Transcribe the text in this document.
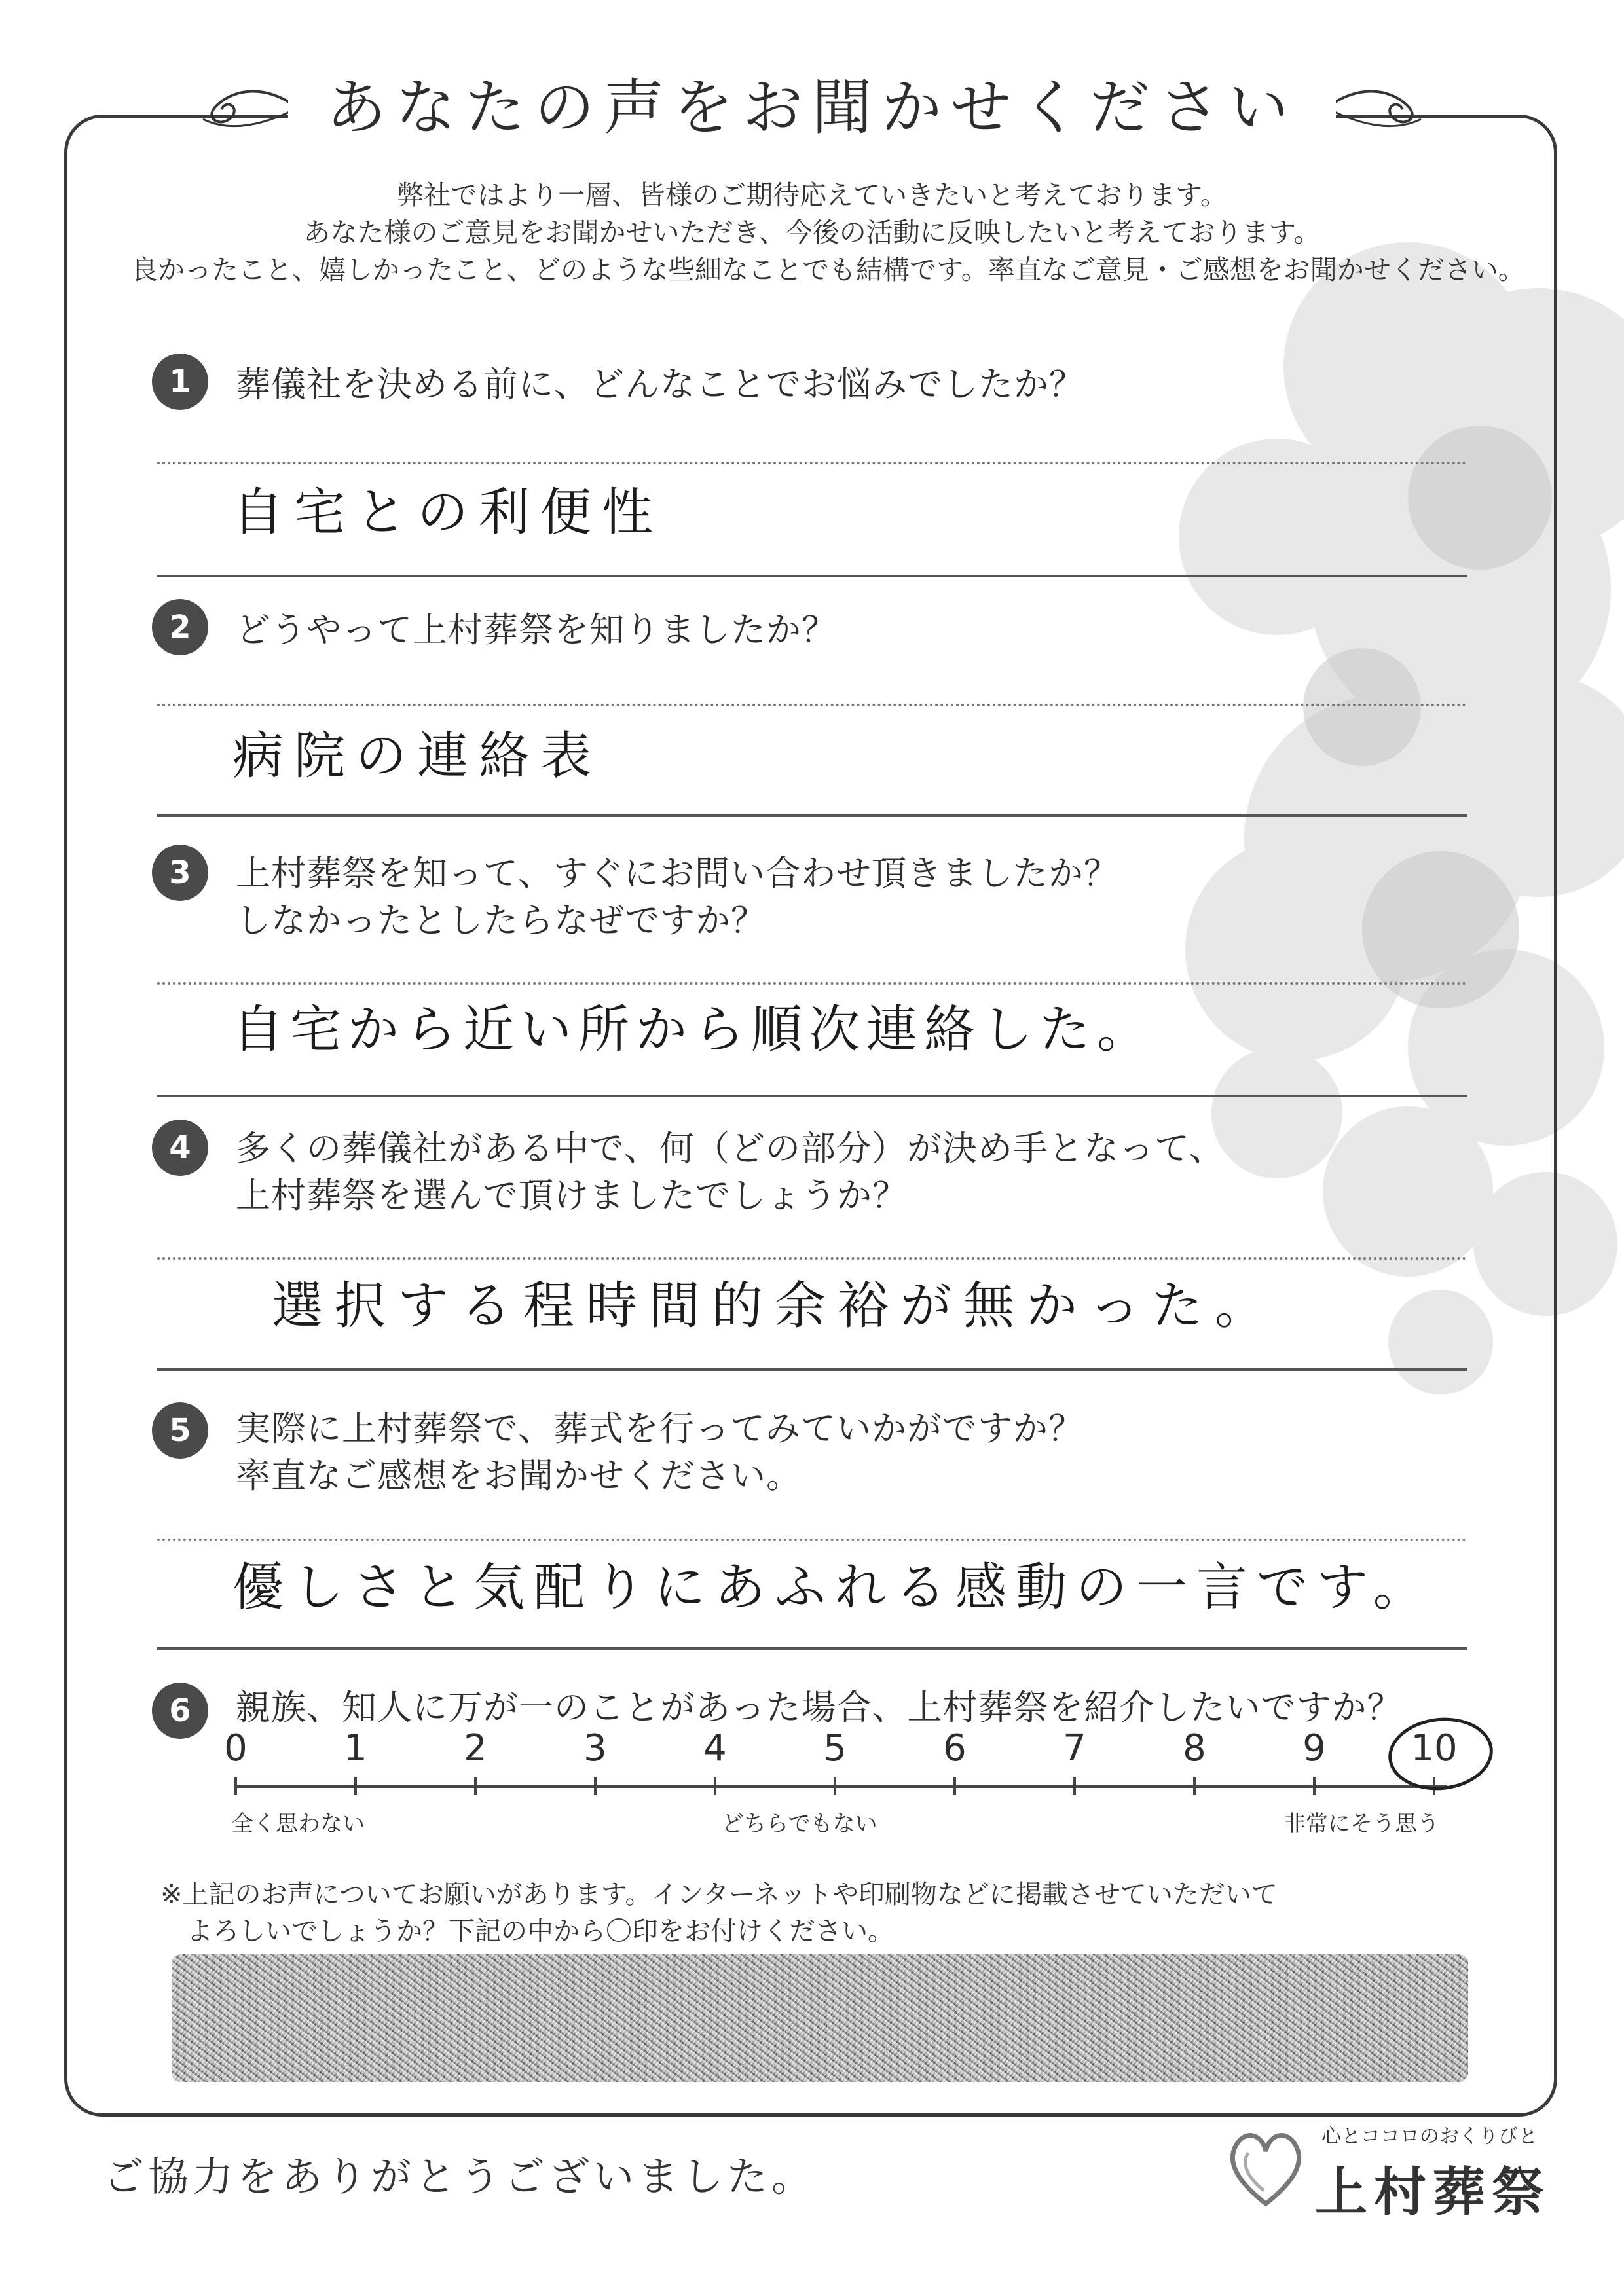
あなたの声をお聞かせください
弊社ではより一層、皆様のご期待応えていきたいと考えております。
あなた様のご意見をお聞かせいただき、今後の活動に反映したいと考えております。
良かったこと、嬉しかったこと、どのような些細なことでも結構です。率直なご意見・ご感想をお聞かせください。
1	葬儀社を決める前に、どんなことでお悩みでしたか？
自宅との利便性
2	どうやって上村葬祭を知りましたか？
病院の連絡表
3	上村葬祭を知って、すぐにお問い合わせ頂きましたか？
しなかったとしたらなぜですか？
自宅から近い所から順次連絡した。
4	多くの葬儀社がある中で、何（どの部分）が決め手となって、
上村葬祭を選んで頂けましたでしょうか？
選択する程時間的余裕が無かった。
5	実際に上村葬祭で、葬式を行ってみていかがですか？
率直なご感想をお聞かせください。
優しさと気配りにあふれる感動の一言です。
6	親族、知人に万が一のことがあった場合、上村葬祭を紹介したいですか？
0	1	2	3	4	5	6	7	8	9	10
全く思わない	どちらでもない	非常にそう思う
※上記のお声についてお願いがあります。インターネットや印刷物などに掲載させていただいて
よろしいでしょうか？下記の中から〇印をお付けください。
ご協力をありがとうございました。
心とココロのおくりびと
上村葬祭
